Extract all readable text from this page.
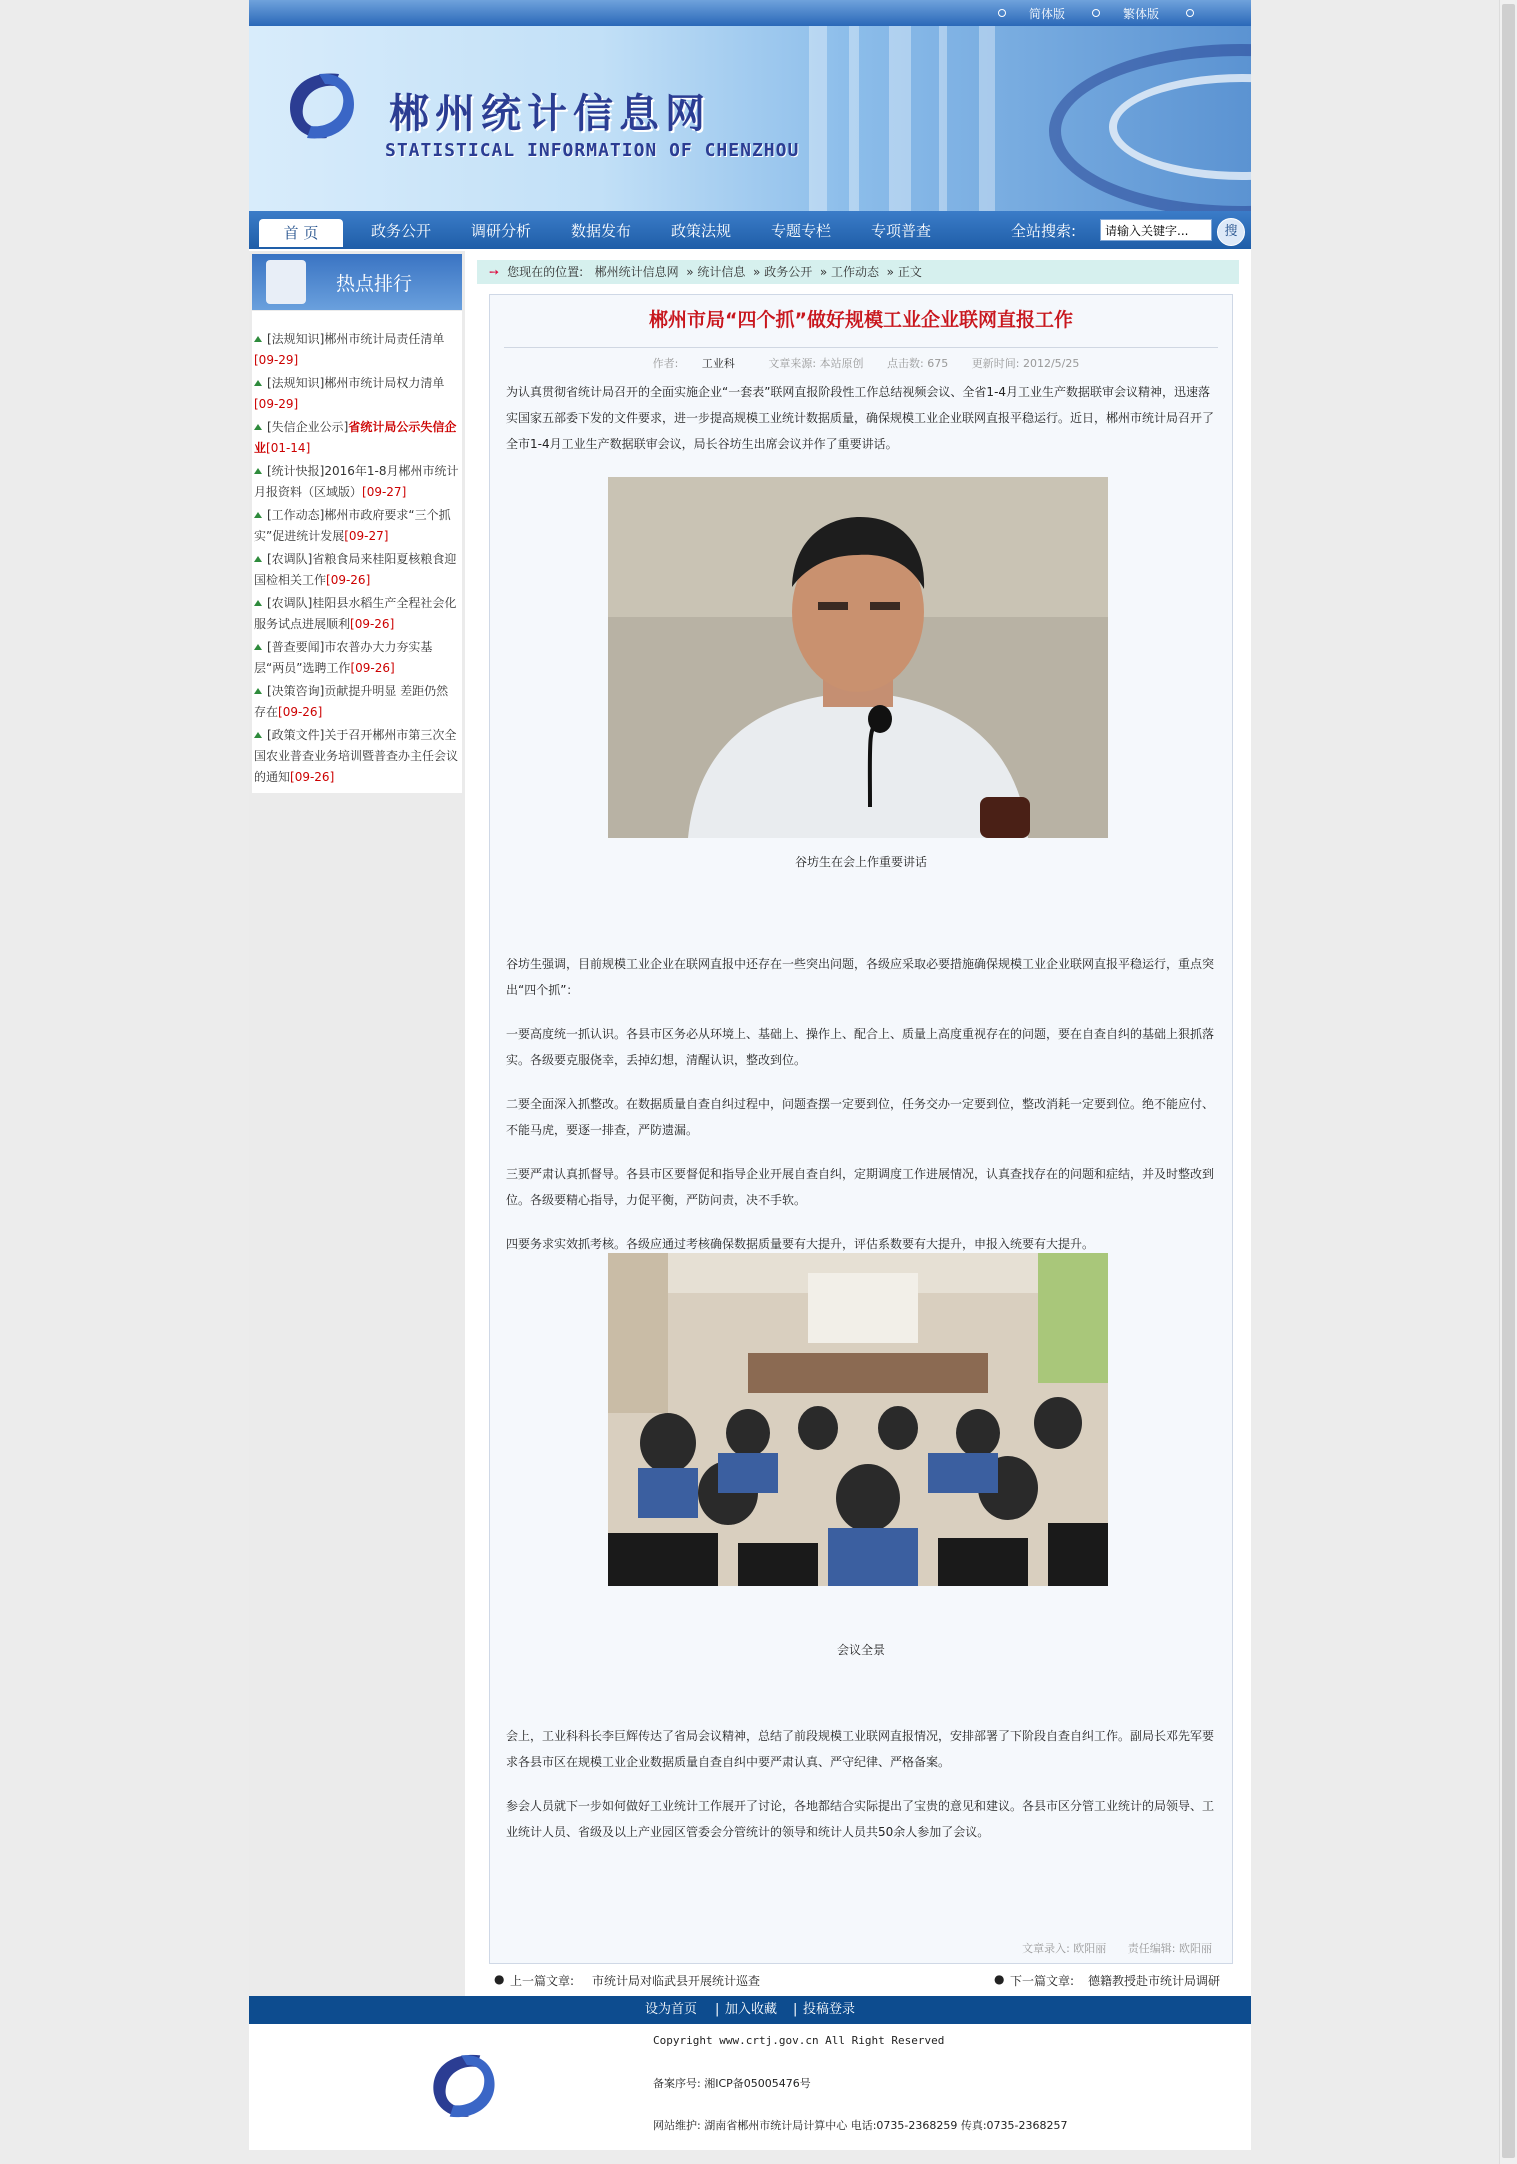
简体版	繁体版
郴州统计信息网
STATISTICAL INFORMATION OF CHENZHOU
首 页	政务公开	调研分析	数据发布	政策法规	专题专栏	专项普查	全站搜索:
请输入关键字...	搜
热点排行
[法规知识]郴州市统计局责任清单
[09-29]
[法规知识]郴州市统计局权力清单
[09-29]
[失信企业公示]省统计局公示失信企业[01-14]
[统计快报]2016年1-8月郴州市统计月报资料（区域版）[09-27]
[工作动态]郴州市政府要求“三个抓实”促进统计发展[09-27]
[农调队]省粮食局来桂阳夏核粮食迎国检相关工作[09-26]
[农调队]桂阳县水稻生产全程社会化服务试点进展顺利[09-26]
[普查要闻]市农普办大力夯实基层“两员”选聘工作[09-26]
[决策咨询]贡献提升明显 差距仍然存在[09-26]
[政策文件]关于召开郴州市第三次全国农业普查业务培训暨普查办主任会议的通知[09-26]
➙ 您现在的位置: 郴州统计信息网  » 统计信息  » 政务公开  » 工作动态  » 正文
郴州市局“四个抓”做好规模工业企业联网直报工作
作者: 工业科	文章来源: 本站原创 点击数: 675 更新时间: 2012/5/25
为认真贯彻省统计局召开的全面实施企业“一套表”联网直报阶段性工作总结视频会议、全省1-4月工业生产数据联审会议精神，迅速落实国家五部委下发的文件要求，进一步提高规模工业统计数据质量，确保规模工业企业联网直报平稳运行。近日，郴州市统计局召开了全市1-4月工业生产数据联审会议，局长谷坊生出席会议并作了重要讲话。
谷坊生在会上作重要讲话
谷坊生强调，目前规模工业企业在联网直报中还存在一些突出问题，各级应采取必要措施确保规模工业企业联网直报平稳运行，重点突出“四个抓”：
一要高度统一抓认识。各县市区务必从环境上、基础上、操作上、配合上、质量上高度重视存在的问题，要在自查自纠的基础上狠抓落实。各级要克服侥幸，丢掉幻想，清醒认识，整改到位。
二要全面深入抓整改。在数据质量自查自纠过程中，问题查摆一定要到位，任务交办一定要到位，整改消耗一定要到位。绝不能应付、不能马虎，要逐一排查，严防遗漏。
三要严肃认真抓督导。各县市区要督促和指导企业开展自查自纠，定期调度工作进展情况，认真查找存在的问题和症结，并及时整改到位。各级要精心指导，力促平衡，严防问责，决不手软。
四要务求实效抓考核。各级应通过考核确保数据质量要有大提升，评估系数要有大提升，申报入统要有大提升。
会议全景
会上，工业科科长李巨辉传达了省局会议精神，总结了前段规模工业联网直报情况，安排部署了下阶段自查自纠工作。副局长邓先军要求各县市区在规模工业企业数据质量自查自纠中要严肃认真、严守纪律、严格备案。
参会人员就下一步如何做好工业统计工作展开了讨论，各地都结合实际提出了宝贵的意见和建议。各县市区分管工业统计的局领导、工业统计人员、省级及以上产业园区管委会分管统计的领导和统计人员共50余人参加了会议。
文章录入: 欧阳丽 责任编辑: 欧阳丽
● 上一篇文章: 市统计局对临武县开展统计巡查	● 下一篇文章: 德籍教授赴市统计局调研
设为首页 | 加入收藏 | 投稿登录
Copyright www.crtj.gov.cn All Right Reserved
备案序号: 湘ICP备05005476号
网站维护: 湖南省郴州市统计局计算中心 电话:0735-2368259 传真:0735-2368257
